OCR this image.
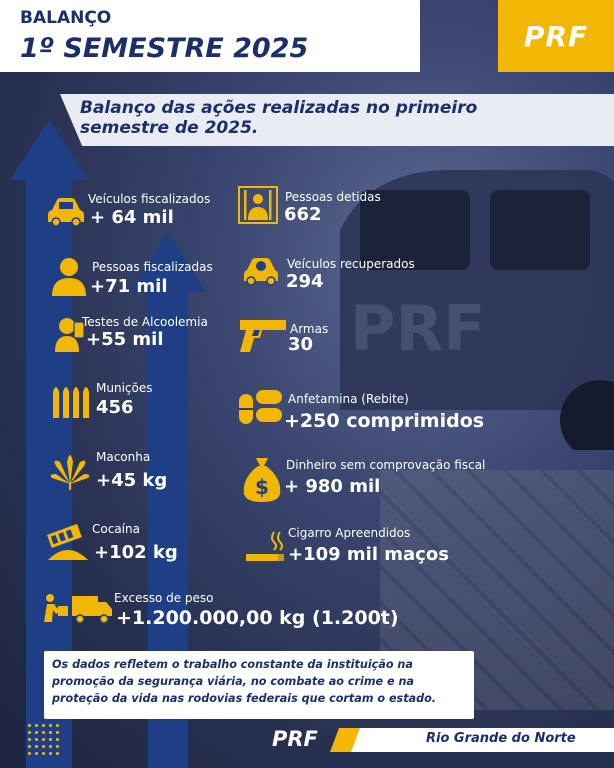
PRF
BALANÇO
1º SEMESTRE 2025	PRF
Balanço das ações realizadas no primeiro
semestre de 2025.
Veículos fiscalizados
+ 64 mil
Pessoas fiscalizadas
+71 mil
Testes de Alcoolemia
+55 mil
Munições
456
Maconha
+45 kg
Cocaína
+102 kg
Excesso de peso
+1.200.000,00 kg (1.200t)
Pessoas detidas
662
Veículos recuperados
294
Armas
30
Anfetamina (Rebite)
+250 comprimidos
$
Dinheiro sem comprovação fiscal
+ 980 mil
Cigarro Apreendidos
+109 mil maços
Os dados refletem o trabalho constante da instituição na
promoção da segurança viária, no combate ao crime e na
proteção da vida nas rodovias federais que cortam o estado.
PRF	Rio Grande do Norte
